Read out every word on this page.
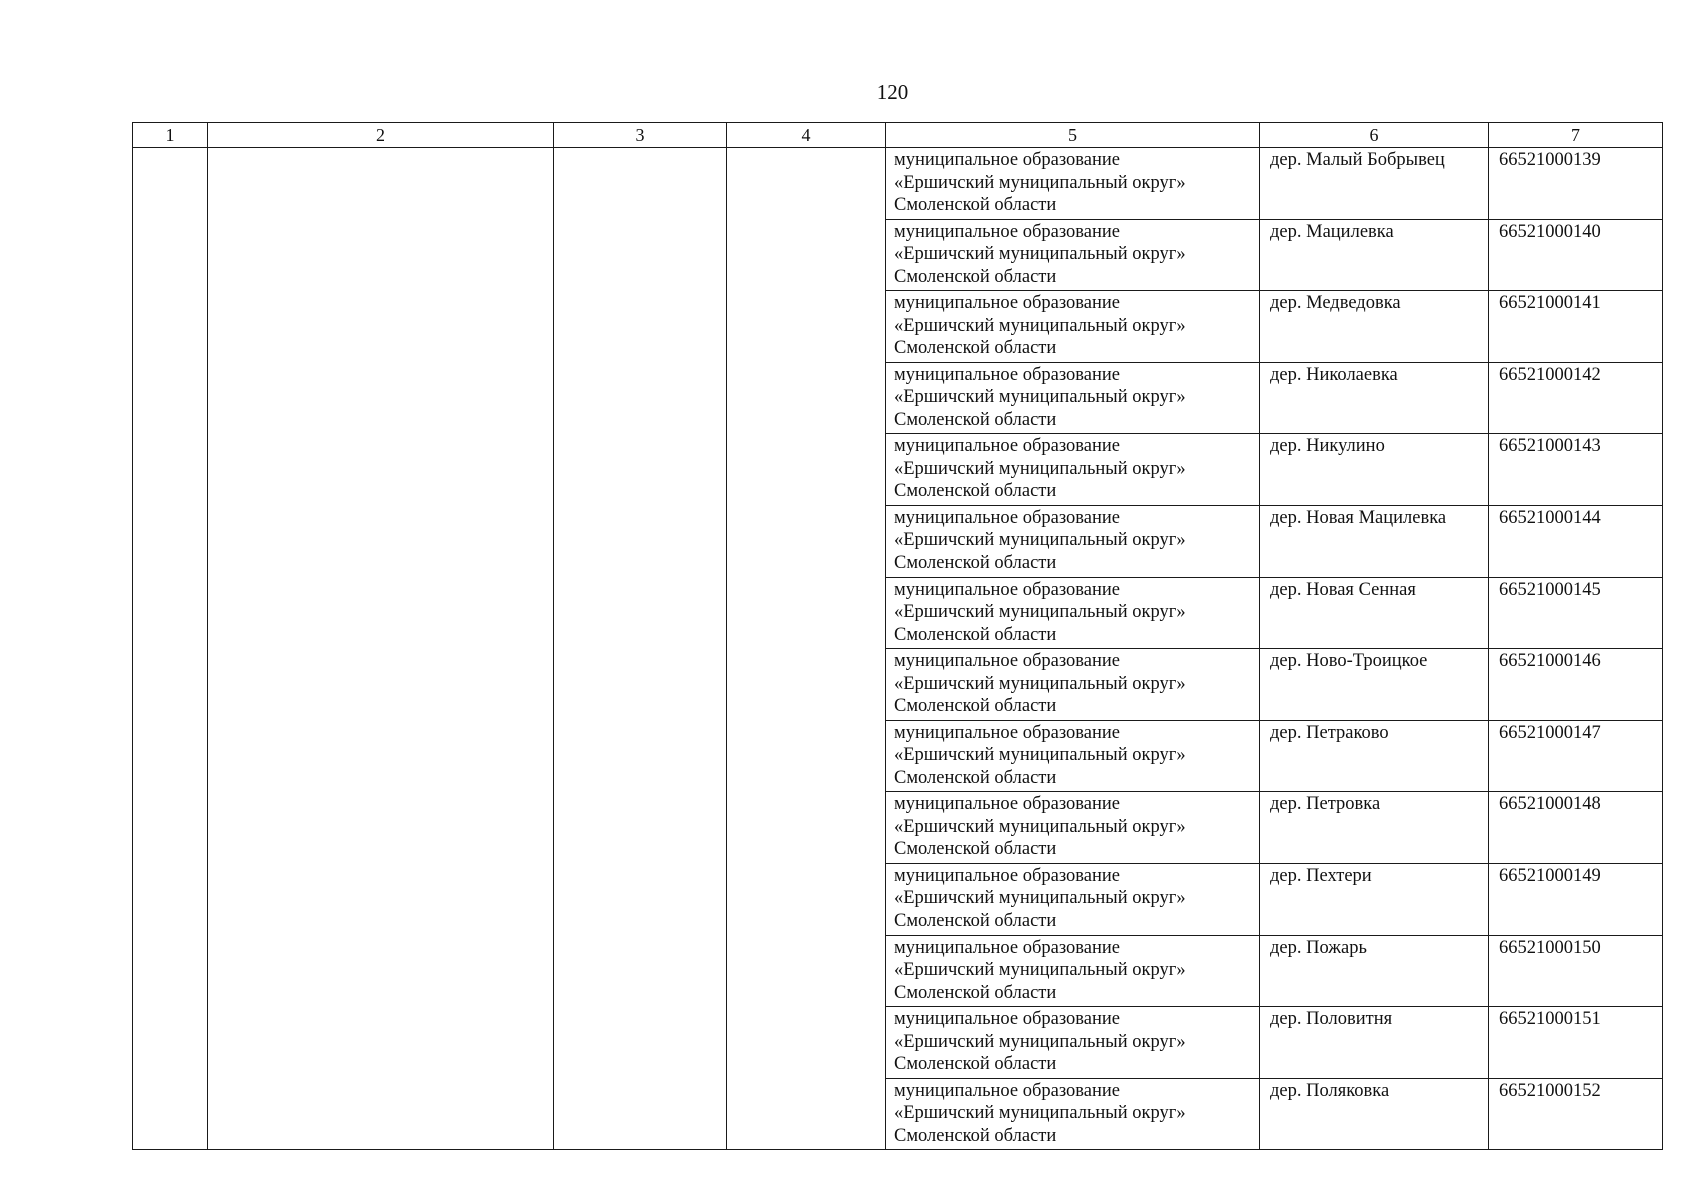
120
1	2	3	4	5	6	7

				муниципальное образование
«Ершичский муниципальный округ»
Смоленской области	дер. Малый Бобрывец	66521000139

				муниципальное образование
«Ершичский муниципальный округ»
Смоленской области	дер. Мацилевка	66521000140

				муниципальное образование
«Ершичский муниципальный округ»
Смоленской области	дер. Медведовка	66521000141

				муниципальное образование
«Ершичский муниципальный округ»
Смоленской области	дер. Николаевка	66521000142

				муниципальное образование
«Ершичский муниципальный округ»
Смоленской области	дер. Никулино	66521000143

				муниципальное образование
«Ершичский муниципальный округ»
Смоленской области	дер. Новая Мацилевка	66521000144

				муниципальное образование
«Ершичский муниципальный округ»
Смоленской области	дер. Новая Сенная	66521000145

				муниципальное образование
«Ершичский муниципальный округ»
Смоленской области	дер. Ново-Троицкое	66521000146

				муниципальное образование
«Ершичский муниципальный округ»
Смоленской области	дер. Петраково	66521000147

				муниципальное образование
«Ершичский муниципальный округ»
Смоленской области	дер. Петровка	66521000148

				муниципальное образование
«Ершичский муниципальный округ»
Смоленской области	дер. Пехтери	66521000149

				муниципальное образование
«Ершичский муниципальный округ»
Смоленской области	дер. Пожарь	66521000150

				муниципальное образование
«Ершичский муниципальный округ»
Смоленской области	дер. Половитня	66521000151

				муниципальное образование
«Ершичский муниципальный округ»
Смоленской области	дер. Поляковка	66521000152
